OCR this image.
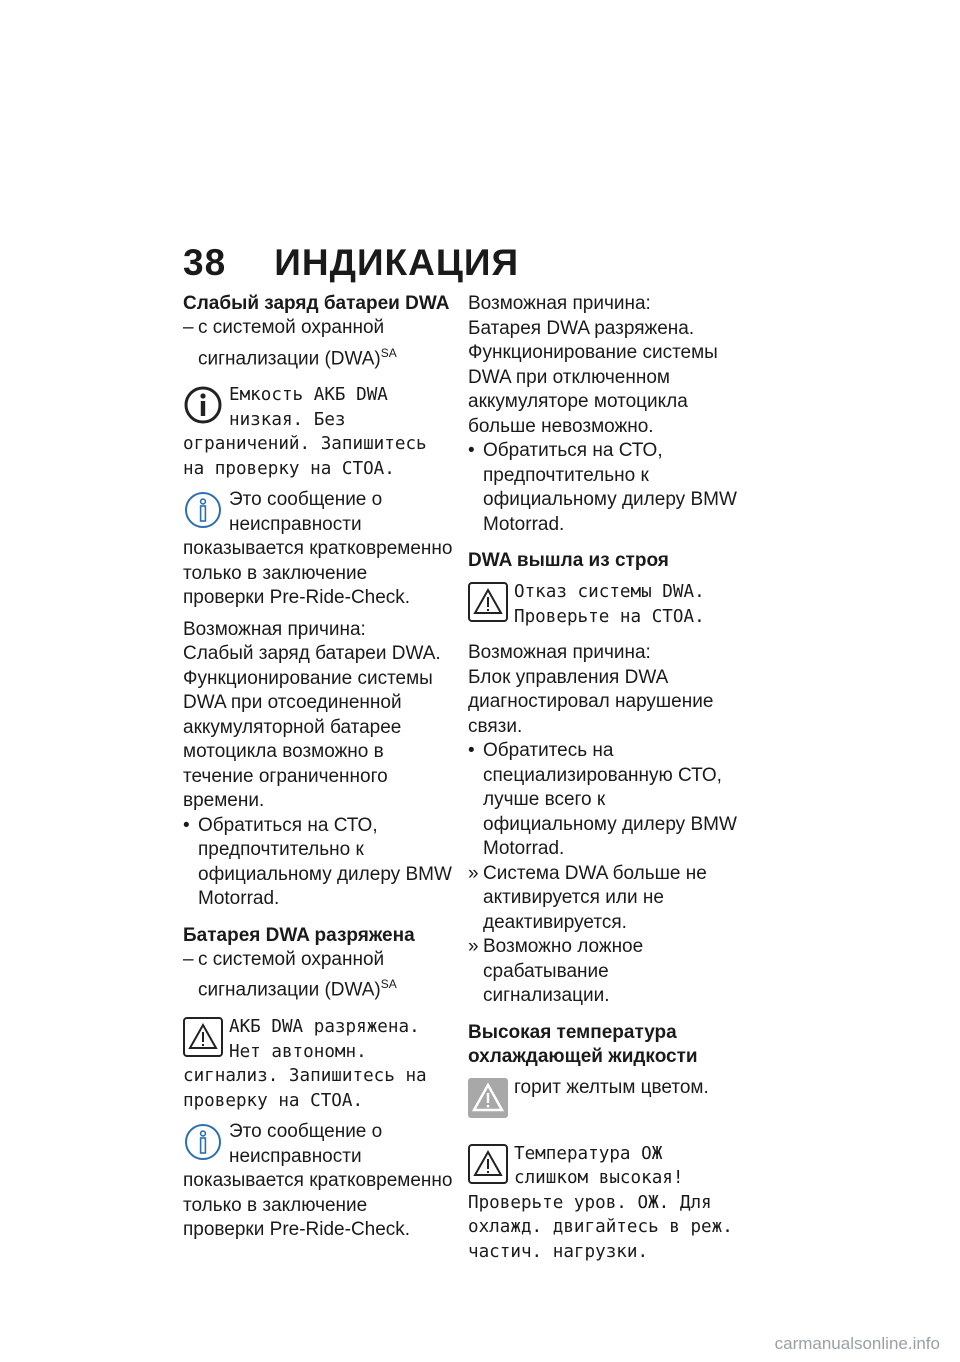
38 ИНДИКАЦИЯ

Слабый заряд батареи DWA

– с системой охранной сигнализации (DWA)$^{SA}$
Емкость АКБ DWA низкая. Без ограничений. Запишитесь на проверку на СТОА.
Это сообщение о неисправности показывается кратковременно только в заключение проверки Pre-Ride-Check.

Возможная причина:

Слабый заряд батареи DWA. Функционирование системы DWA при отсоединенной аккумуляторной батарее мотоцикла возможно в течение ограниченного времени.

• Обратиться на СТО, предпочтительно к официальному дилеру BMW Motorrad.

Батарея DWA разряжена

– с системой охранной сигнализации (DWA)$^{SA}$
АКБ DWA разряжена. Нет автономн. сигнализ. Запишитесь на проверку на СТОА.
Это сообщение о неисправности показывается кратковременно только в заключение проверки Pre-Ride-Check.

Возможная причина:

Батарея DWA разряжена. Функционирование системы DWA при отключенном аккумуляторе мотоцикла больше невозможно.

• Обратиться на СТО, предпочтительно к официальному дилеру BMW Motorrad.

DWA вышла из строя

Отказ системы DWA. Проверьте на СТОА.

Возможная причина:

Блок управления DWA диагностировал нарушение связи.

• Обратитесь на специализированную СТО, лучше всего к официальному дилеру BMW Motorrad.
» Система DWA больше не активируется или не деактивируется.
» Возможно ложное срабатывание сигнализации.

Высокая температура охлаждающей жидкости

горит желтым цветом.
Температура ОЖ слишком высокая! Проверьте уров. ОЖ. Для охлажд. двигайтесь в реж. частич. нагрузки.
carmanualsonline.info
